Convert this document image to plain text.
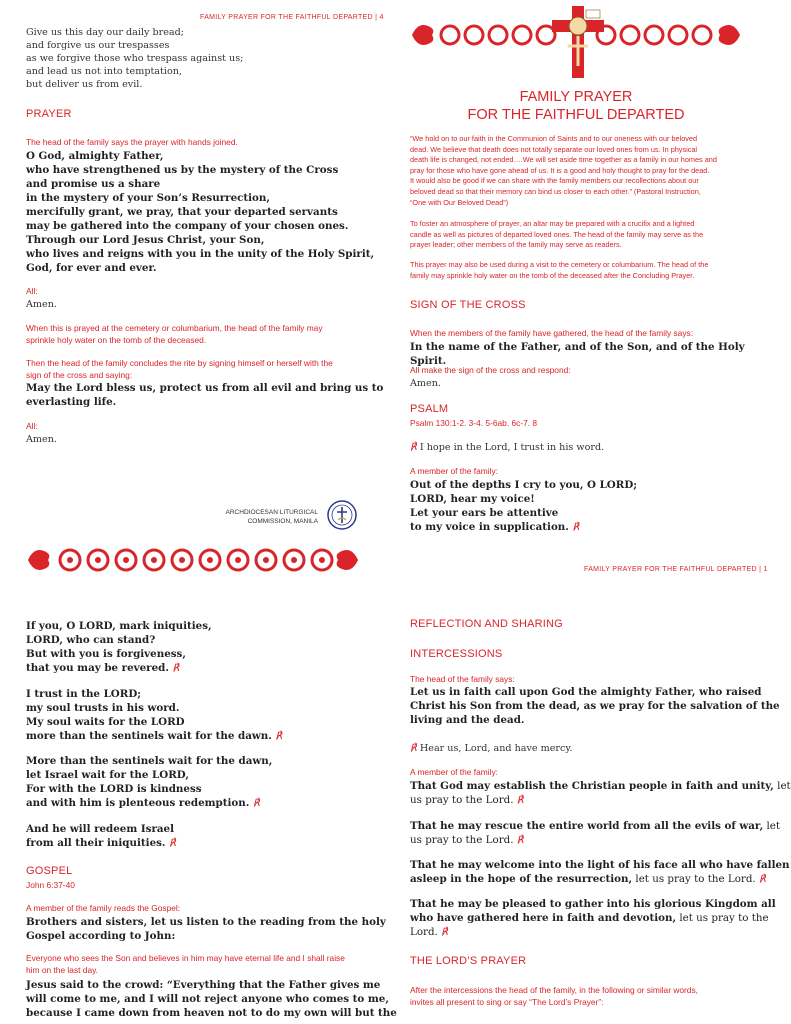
FAMILY PRAYER FOR THE FAITHFUL DEPARTED | 4
Give us this day our daily bread;
and forgive us our trespasses
as we forgive those who trespass against us;
and lead us not into temptation,
but deliver us from evil.
PRAYER
The head of the family says the prayer with hands joined.
O God, almighty Father,
who have strengthened us by the mystery of the Cross
and promise us a share
in the mystery of your Son’s Resurrection,
mercifully grant, we pray, that your departed servants
may be gathered into the company of your chosen ones.
Through our Lord Jesus Christ, your Son,
who lives and reigns with you in the unity of the Holy Spirit,
God, for ever and ever.
All:
Amen.
When this is prayed at the cemetery or columbarium, the head of the family may
sprinkle holy water on the tomb of the deceased.
Then the head of the family concludes the rite by signing himself or herself with the
sign of the cross and saying:
May the Lord bless us, protect us from all evil and bring us to
everlasting life.
All:
Amen.
ARCHDIOCESAN LITURGICAL
COMMISSION, MANILA
FAMILY PRAYER
FOR THE FAITHFUL DEPARTED
“We hold on to our faith in the Communion of Saints and to our oneness with our beloved
dead. We believe that death does not totally separate our loved ones from us. In physical
death life is changed, not ended….We will set aside time together as a family in our homes and
pray for those who have gone ahead of us. It is a good and holy thought to pray for the dead.
It would also be good if we can share with the family members our recollections about our
beloved dead so that their memory can bind us closer to each other.” (Pastoral Instruction,
“One with Our Beloved Dead”)
To foster an atmosphere of prayer, an altar may be prepared with a crucifix and a lighted
candle as well as pictures of departed loved ones. The head of the family may serve as the
prayer leader; other members of the family may serve as readers.
This prayer may also be used during a visit to the cemetery or columbarium. The head of the
family may sprinkle holy water on the tomb of the deceased after the Concluding Prayer.
SIGN OF THE CROSS
When the members of the family have gathered, the head of the family says:
In the name of the Father, and of the Son, and of the Holy Spirit.
All make the sign of the cross and respond:
Amen.
PSALM
Psalm 130:1-2. 3-4. 5-6ab. 6c-7. 8
℟ I hope in the Lord, I trust in his word.
A member of the family:
Out of the depths I cry to you, O LORD;
LORD, hear my voice!
Let your ears be attentive
to my voice in supplication. ℟
FAMILY PRAYER FOR THE FAITHFUL DEPARTED | 1
If you, O LORD, mark iniquities,
LORD, who can stand?
But with you is forgiveness,
that you may be revered. ℟
I trust in the LORD;
my soul trusts in his word.
My soul waits for the LORD
more than the sentinels wait for the dawn. ℟
More than the sentinels wait for the dawn,
let Israel wait for the LORD,
For with the LORD is kindness
and with him is plenteous redemption. ℟
And he will redeem Israel
from all their iniquities. ℟
GOSPEL
John 6:37-40
A member of the family reads the Gospel:
Brothers and sisters, let us listen to the reading from the holy
Gospel according to John:
Everyone who sees the Son and believes in him may have eternal life and I shall raise
him on the last day.
Jesus said to the crowd: “Everything that the Father gives me
will come to me, and I will not reject anyone who comes to me,
because I came down from heaven not to do my own will but the
REFLECTION AND SHARING
INTERCESSIONS
The head of the family says:
Let us in faith call upon God the almighty Father, who raised
Christ his Son from the dead, as we pray for the salvation of the
living and the dead.
℟ Hear us, Lord, and have mercy.
A member of the family:
That God may establish the Christian people in faith and unity, let
us pray to the Lord. ℟
That he may rescue the entire world from all the evils of war, let
us pray to the Lord. ℟
That he may welcome into the light of his face all who have fallen
asleep in the hope of the resurrection, let us pray to the Lord. ℟
That he may be pleased to gather into his glorious Kingdom all
who have gathered here in faith and devotion, let us pray to the
Lord. ℟
THE LORD’S PRAYER
After the intercessions the head of the family, in the following or similar words,
invites all present to sing or say “The Lord’s Prayer”:
